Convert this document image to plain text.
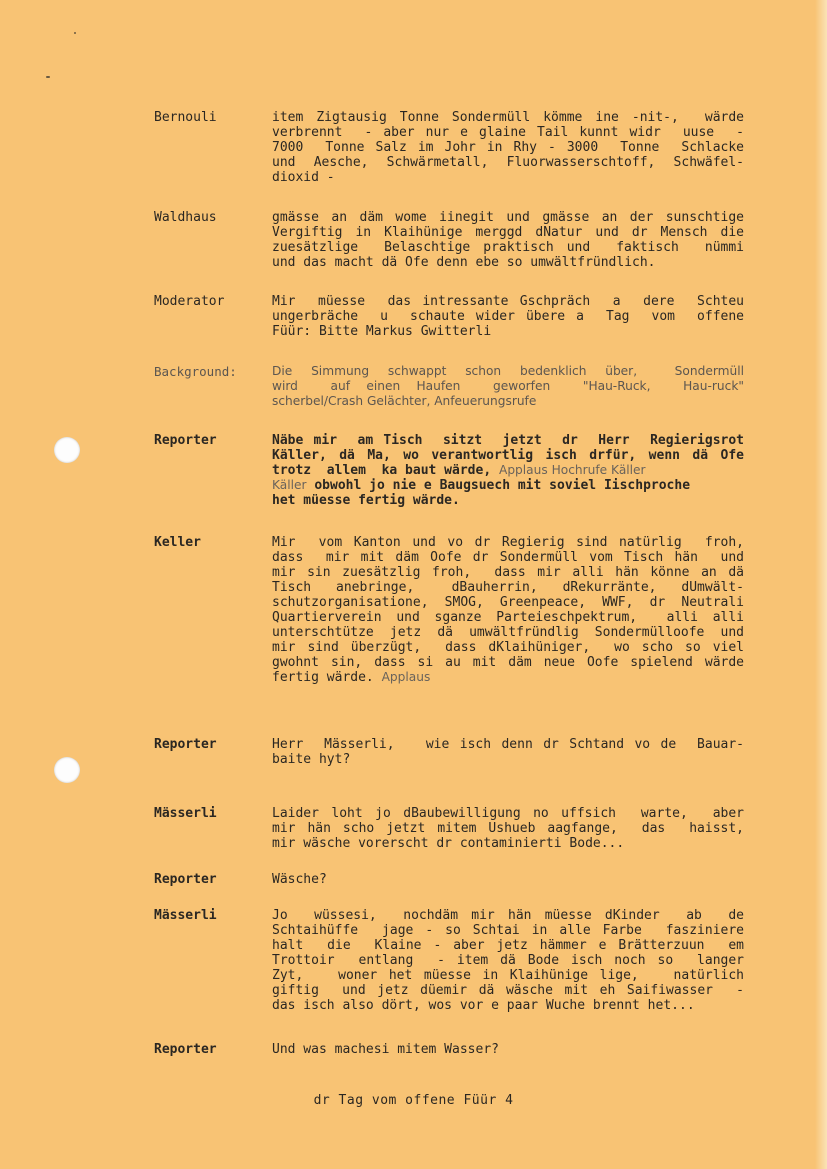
Bernouli	item Zigtausig Tonne Sondermüll kömme ine -nit-,  wärde
verbrennt  - aber nur e glaine Tail kunnt widr  uuse  -
7000  Tonne Salz im Johr in Rhy - 3000  Tonne  Schlacke
und Aesche, Schwärmetall, Fluorwasserschtoff, Schwäfel-
dioxid -
Waldhaus	gmässe an däm wome iinegit und gmässe an der sunschtige
Vergiftig in Klaihünige merggd dNatur und dr Mensch die
zuesätzlige  Belaschtige praktisch und  faktisch  nümmi
und das macht dä Ofe denn ebe so umwältfründlich.
Moderator	Mir  müesse  das intressante Gschpräch  a  dere  Schteu
ungerbräche  u  schaute wider übere a  Tag  vom  offene
Füür: Bitte Markus Gwitterli
Background:	Die Simmung schwappt schon bedenklich über,  Sondermüll
wird  auf einen Haufen  geworfen  "Hau-Ruck,  Hau-ruck"
scherbel/Crash Gelächter, Anfeuerungsrufe
Reporter	Näbe mir  am Tisch  sitzt  jetzt  dr  Herr  Regierigsrot
Käller, dä Ma, wo verantwortlig isch drfür, wenn dä Ofe
trotz  allem  ka baut wärde, Applaus Hochrufe Käller
Käller obwohl jo nie e Baugsuech mit soviel Iischproche
het müesse fertig wärde.
Keller	Mir  vom Kanton und vo dr Regierig sind natürlig  froh,
dass  mir mit däm Oofe dr Sondermüll vom Tisch hän  und
mir sin zuesätzlig froh,  dass mir alli hän könne an dä
Tisch  anebringe,   dBauherrin,  dRekurränte,  dUmwält-
schutzorganisatione, SMOG, Greenpeace, WWF, dr Neutrali
Quartierverein und sganze Parteieschpektrum,  alli alli
unterschtütze jetz dä umwältfründlig Sondermülloofe und
mir sind überzügt,  dass dKlaihüniger,  wo scho so viel
gwohnt sin, dass si au mit däm neue Oofe spielend wärde
fertig wärde. Applaus
Reporter	Herr  Mässerli,   wie isch denn dr Schtand vo de  Bauar-
baite hyt?
Mässerli	Laider loht jo dBaubewilligung no uffsich  warte,  aber
mir hän scho jetzt mitem Ushueb aagfange,  das  haisst,
mir wäsche vorerscht dr contaminierti Bode...
Reporter	Wäsche?
Mässerli	Jo  wüssesi,  nochdäm mir hän müesse dKinder  ab  de
Schtaihüffe  jage - so Schtai in alle Farbe  fasziniere
halt  die  Klaine - aber jetz hämmer e Brätterzuun  em
Trottoir  entlang  - item dä Bode isch noch so  langer
Zyt,   woner het müesse in Klaihünige lige,   natürlich
giftig  und jetz düemir dä wäsche mit eh Saifiwasser  -
das isch also dört, wos vor e paar Wuche brennt het...
Reporter	Und was machesi mitem Wasser?
dr Tag vom offene Füür 4
